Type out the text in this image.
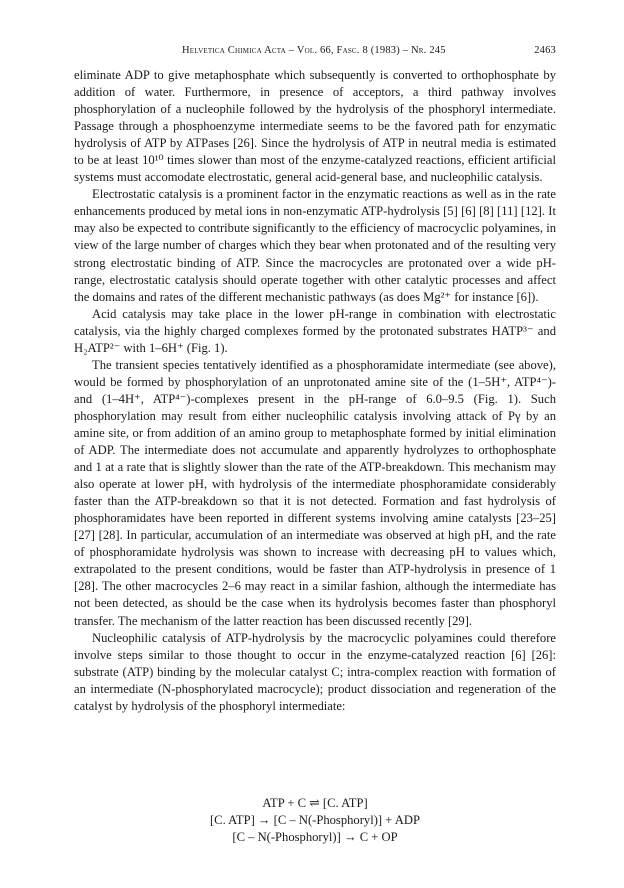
Helvetica Chimica Acta – Vol. 66, Fasc. 8 (1983) – Nr. 245	2463

eliminate ADP to give metaphosphate which subsequently is converted to orthophosphate by addition of water. Furthermore, in presence of acceptors, a third pathway involves phosphorylation of a nucleophile followed by the hydrolysis of the phosphoryl intermediate. Passage through a phosphoenzyme intermediate seems to be the favored path for enzymatic hydrolysis of ATP by ATPases [26]. Since the hydrolysis of ATP in neutral media is estimated to be at least 10¹⁰ times slower than most of the enzyme-catalyzed reactions, efficient artificial systems must accomodate electrostatic, general acid-general base, and nucleophilic catalysis.

Electrostatic catalysis is a prominent factor in the enzymatic reactions as well as in the rate enhancements produced by metal ions in non-enzymatic ATP-hydrolysis [5] [6] [8] [11] [12]. It may also be expected to contribute significantly to the efficiency of macrocyclic polyamines, in view of the large number of charges which they bear when protonated and of the resulting very strong electrostatic binding of ATP. Since the macrocycles are protonated over a wide pH-range, electrostatic catalysis should operate together with other catalytic processes and affect the domains and rates of the different mechanistic pathways (as does Mg²⁺ for instance [6]).

Acid catalysis may take place in the lower pH-range in combination with electrostatic catalysis, via the highly charged complexes formed by the protonated substrates HATP³⁻ and H₂ATP²⁻ with 1–6H⁺ (Fig. 1).

The transient species tentatively identified as a phosphoramidate intermediate (see above), would be formed by phosphorylation of an unprotonated amine site of the (1–5H⁺, ATP⁴⁻)- and (1–4H⁺, ATP⁴⁻)-complexes present in the pH-range of 6.0–9.5 (Fig. 1). Such phosphorylation may result from either nucleophilic catalysis involving attack of Pγ by an amine site, or from addition of an amino group to metaphosphate formed by initial elimination of ADP. The intermediate does not accumulate and apparently hydrolyzes to orthophosphate and 1 at a rate that is slightly slower than the rate of the ATP-breakdown. This mechanism may also operate at lower pH, with hydrolysis of the intermediate phosphoramidate considerably faster than the ATP-breakdown so that it is not detected. Formation and fast hydrolysis of phosphoramidates have been reported in different systems involving amine catalysts [23–25] [27] [28]. In particular, accumulation of an intermediate was observed at high pH, and the rate of phosphoramidate hydrolysis was shown to increase with decreasing pH to values which, extrapolated to the present conditions, would be faster than ATP-hydrolysis in presence of 1 [28]. The other macrocycles 2–6 may react in a similar fashion, although the intermediate has not been detected, as should be the case when its hydrolysis becomes faster than phosphoryl transfer. The mechanism of the latter reaction has been discussed recently [29].

Nucleophilic catalysis of ATP-hydrolysis by the macrocyclic polyamines could therefore involve steps similar to those thought to occur in the enzyme-catalyzed reaction [6] [26]: substrate (ATP) binding by the molecular catalyst C; intra-complex reaction with formation of an intermediate (N-phosphorylated macrocycle); product dissociation and regeneration of the catalyst by hydrolysis of the phosphoryl intermediate:

ATP + C ⇌ [C. ATP]
[C. ATP] → [C – N(-Phosphoryl)] + ADP
[C – N(-Phosphoryl)] → C + OP
